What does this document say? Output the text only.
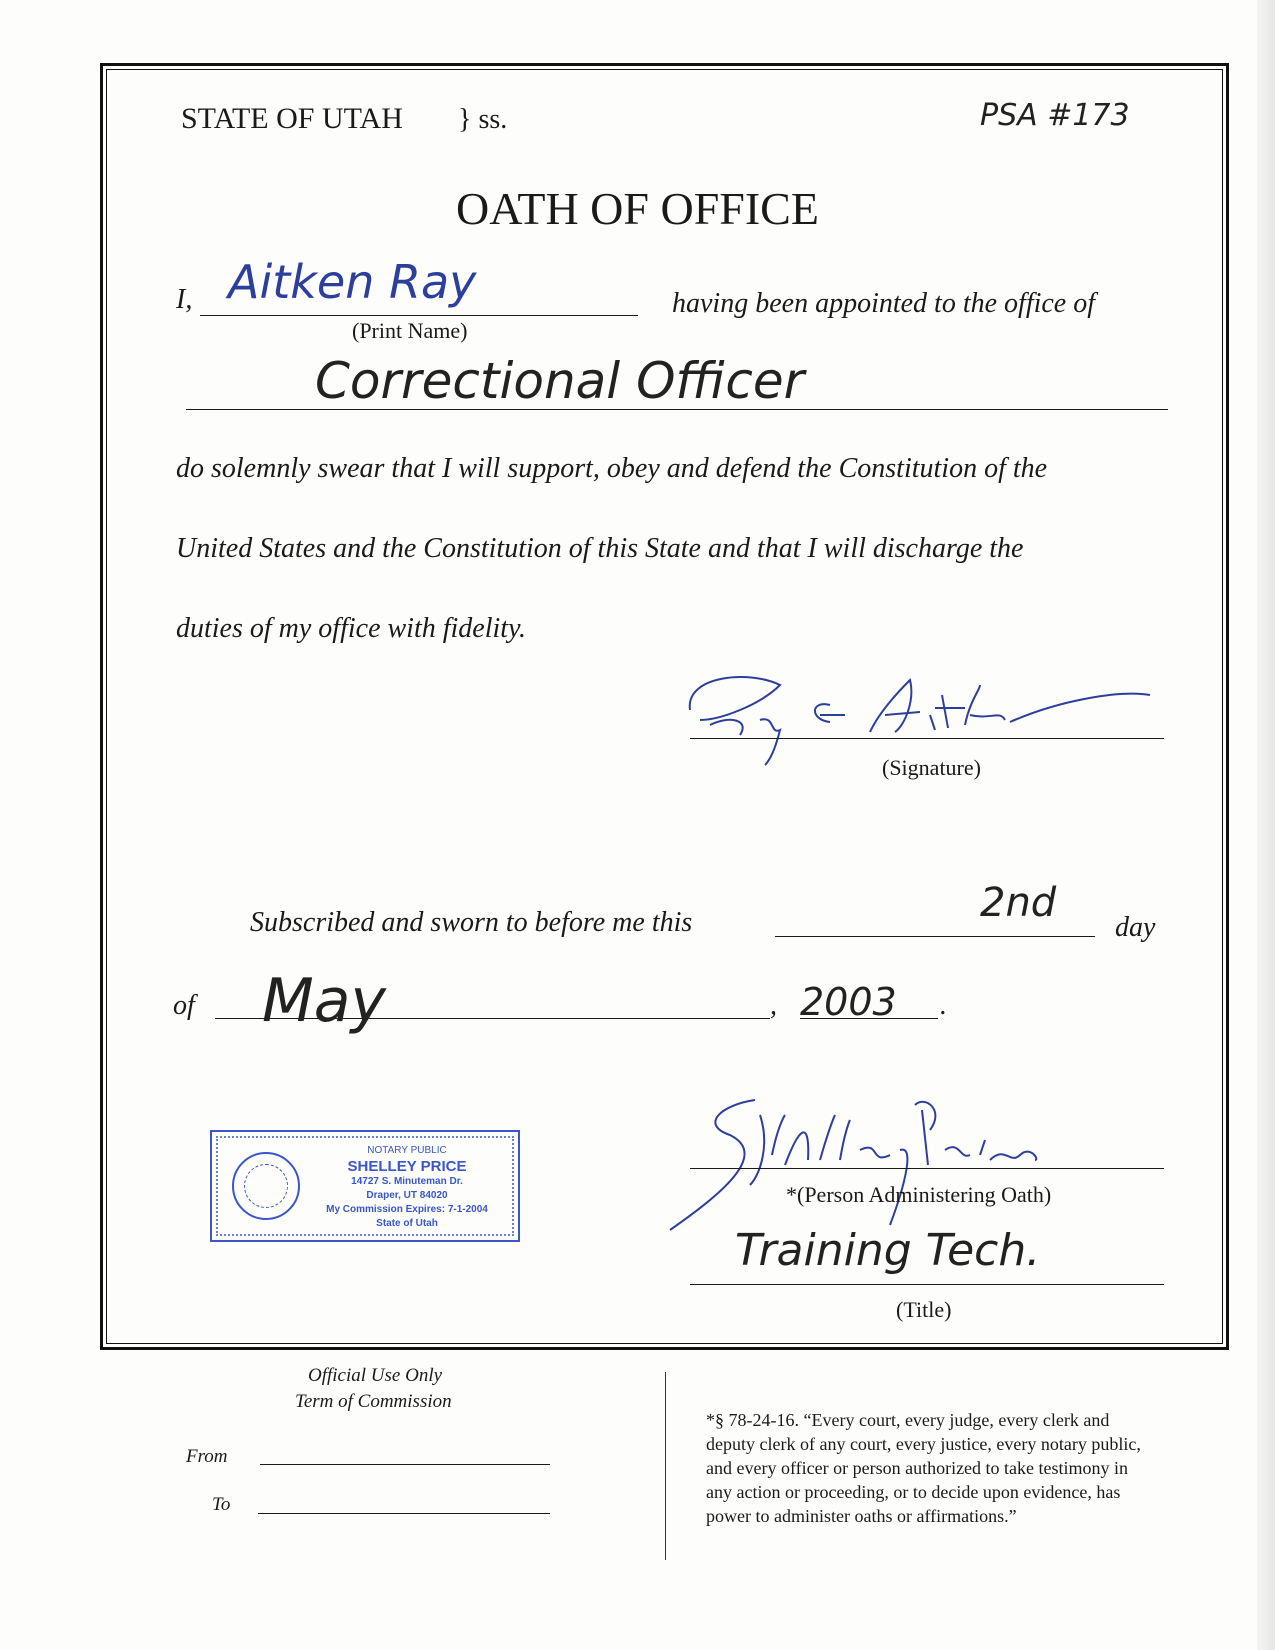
STATE OF UTAH } ss.	PSA #173
OATH OF OFFICE
I, Aitken Ray
(Print Name)
having been appointed to the office of
Correctional Officer
do solemnly swear that I will support, obey and defend the Constitution of the
United States and the Constitution of this State and that I will discharge the
duties of my office with fidelity.
(Signature)
Subscribed and sworn to before me this	2nd
day
of May	, 2003 .
NOTARY PUBLIC
SHELLEY PRICE
14727 S. Minuteman Dr.
Draper, UT 84020
My Commission Expires: 7-1-2004
State of Utah
*(Person Administering Oath)
Training Tech.
(Title)
Official Use Only
Term of Commission
From
To
*§ 78-24-16. “Every court, every judge, every clerk and
deputy clerk of any court, every justice, every notary public,
and every officer or person authorized to take testimony in
any action or proceeding, or to decide upon evidence, has
power to administer oaths or affirmations.”
